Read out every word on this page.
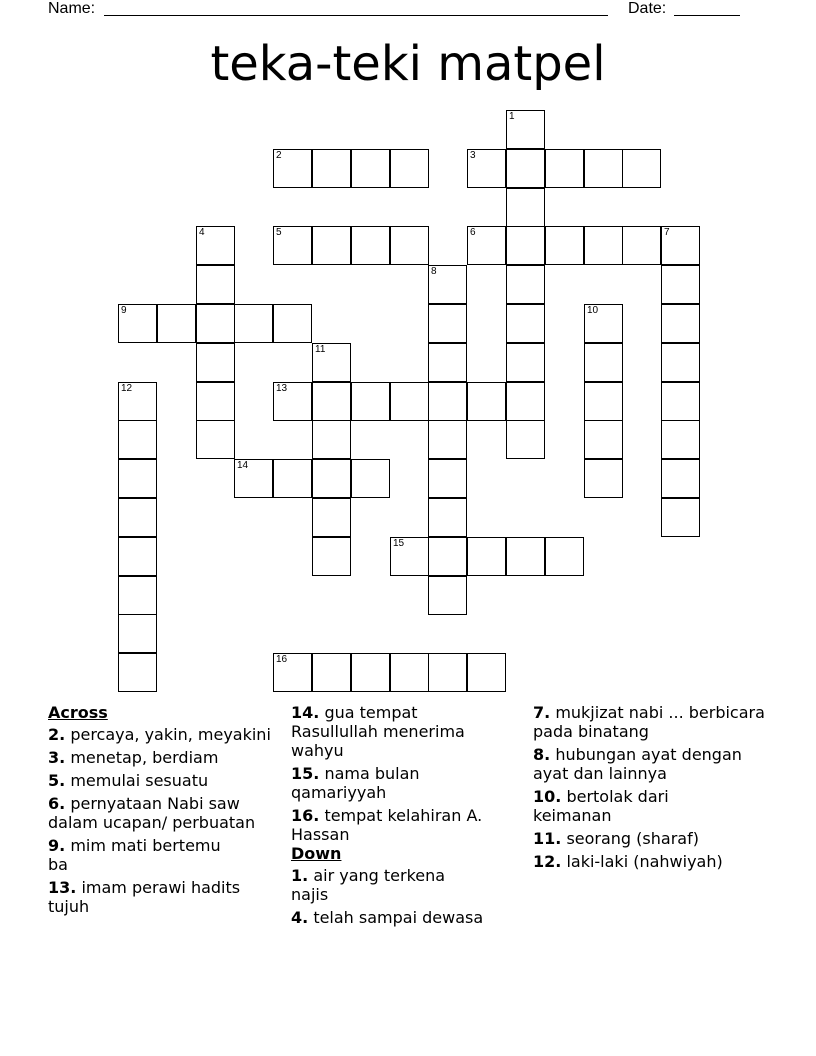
Name:	Date:
teka-teki matpel
1
2	3
4	5	6	7
8
9	10
11
12	13
14
15
16
Across
2. percaya, yakin, meyakini
3. menetap, berdiam
5. memulai sesuatu
6. pernyataan Nabi saw dalam ucapan/ perbuatan
9. mim mati bertemu ba
13. imam perawi hadits tujuh
14. gua tempat Rasullullah menerima wahyu
15. nama bulan qamariyyah
16. tempat kelahiran A. Hassan
Down
1. air yang terkena najis
4. telah sampai dewasa
7. mukjizat nabi ... berbicara pada binatang
8. hubungan ayat dengan ayat dan lainnya
10. bertolak dari keimanan
11. seorang (sharaf)
12. laki-laki (nahwiyah)
